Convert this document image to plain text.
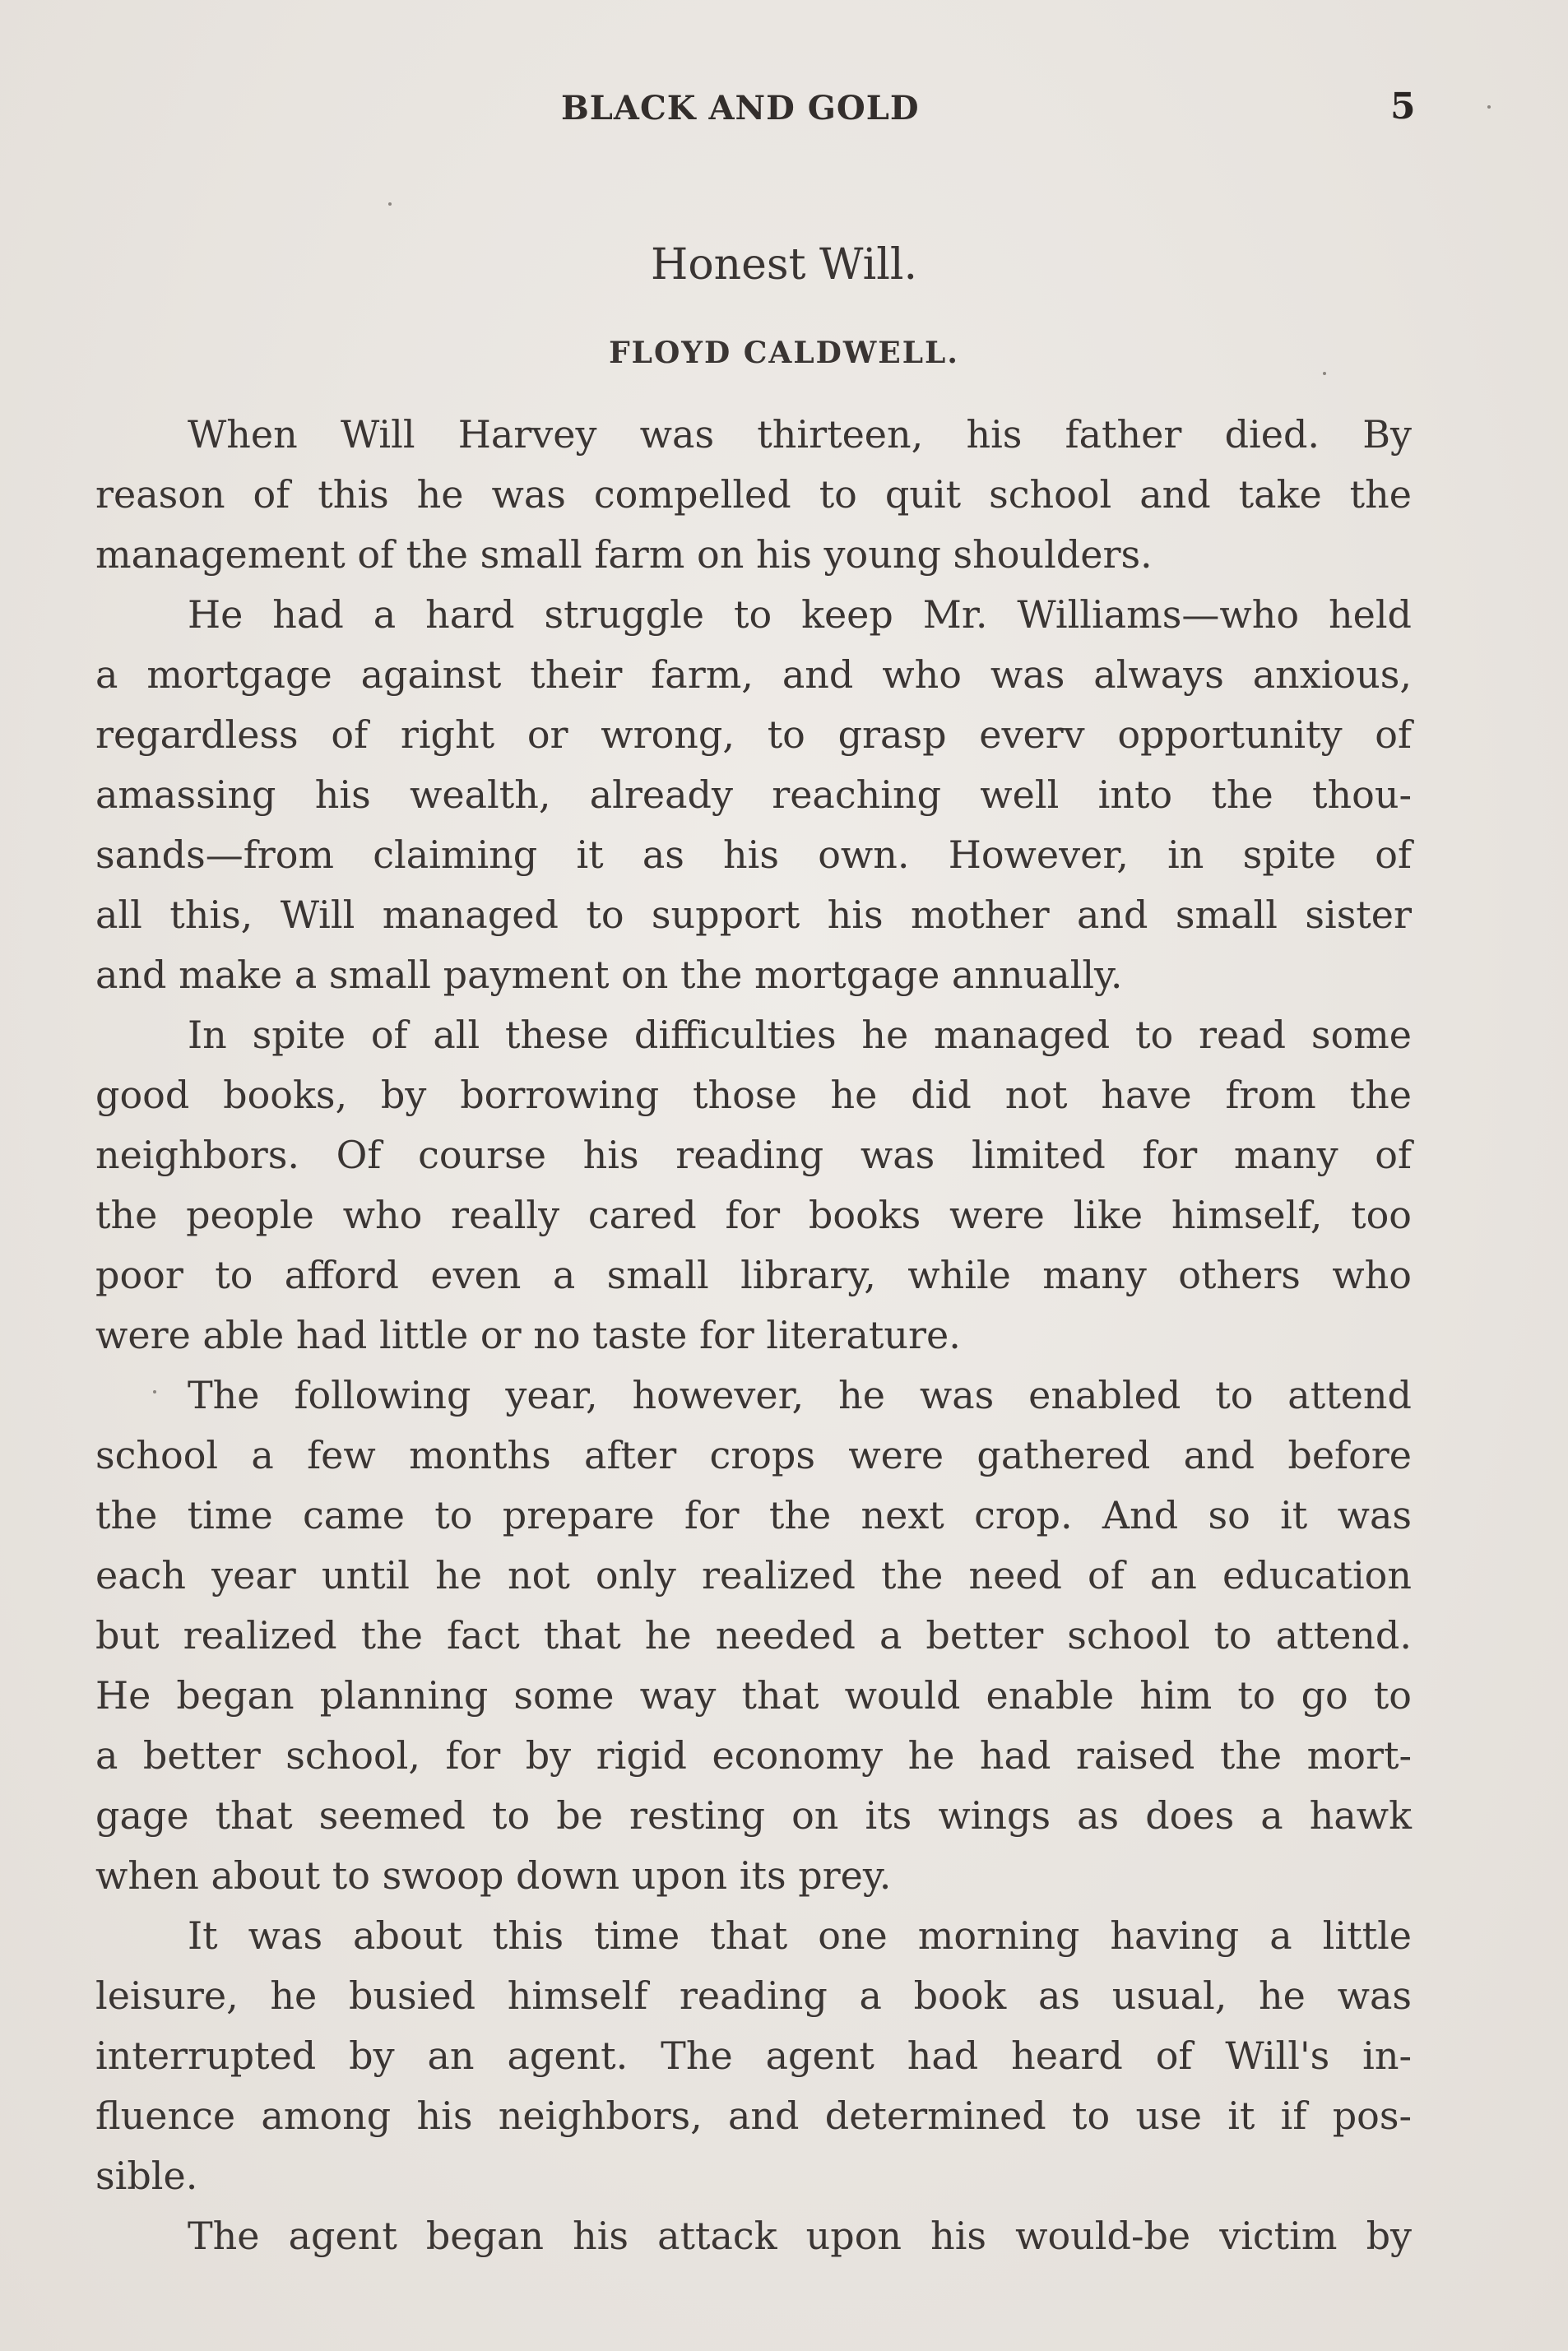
BLACK AND GOLD	5
Honest Will.
FLOYD CALDWELL.
When Will Harvey was thirteen, his father died. By
reason of this he was compelled to quit school and take the
management of the small farm on his young shoulders.
He had a hard struggle to keep Mr. Williams—who held
a mortgage against their farm, and who was always anxious,
regardless of right or wrong, to grasp everv opportunity of
amassing his wealth, already reaching well into the thou-
sands—from claiming it as his own. However, in spite of
all this, Will managed to support his mother and small sister
and make a small payment on the mortgage annually.
In spite of all these difficulties he managed to read some
good books, by borrowing those he did not have from the
neighbors. Of course his reading was limited for many of
the people who really cared for books were like himself, too
poor to afford even a small library, while many others who
were able had little or no taste for literature.
The following year, however, he was enabled to attend
school a few months after crops were gathered and before
the time came to prepare for the next crop. And so it was
each year until he not only realized the need of an education
but realized the fact that he needed a better school to attend.
He began planning some way that would enable him to go to
a better school, for by rigid economy he had raised the mort-
gage that seemed to be resting on its wings as does a hawk
when about to swoop down upon its prey.
It was about this time that one morning having a little
leisure, he busied himself reading a book as usual, he was
interrupted by an agent. The agent had heard of Will's in-
fluence among his neighbors, and determined to use it if pos-
sible.
The agent began his attack upon his would-be victim by
